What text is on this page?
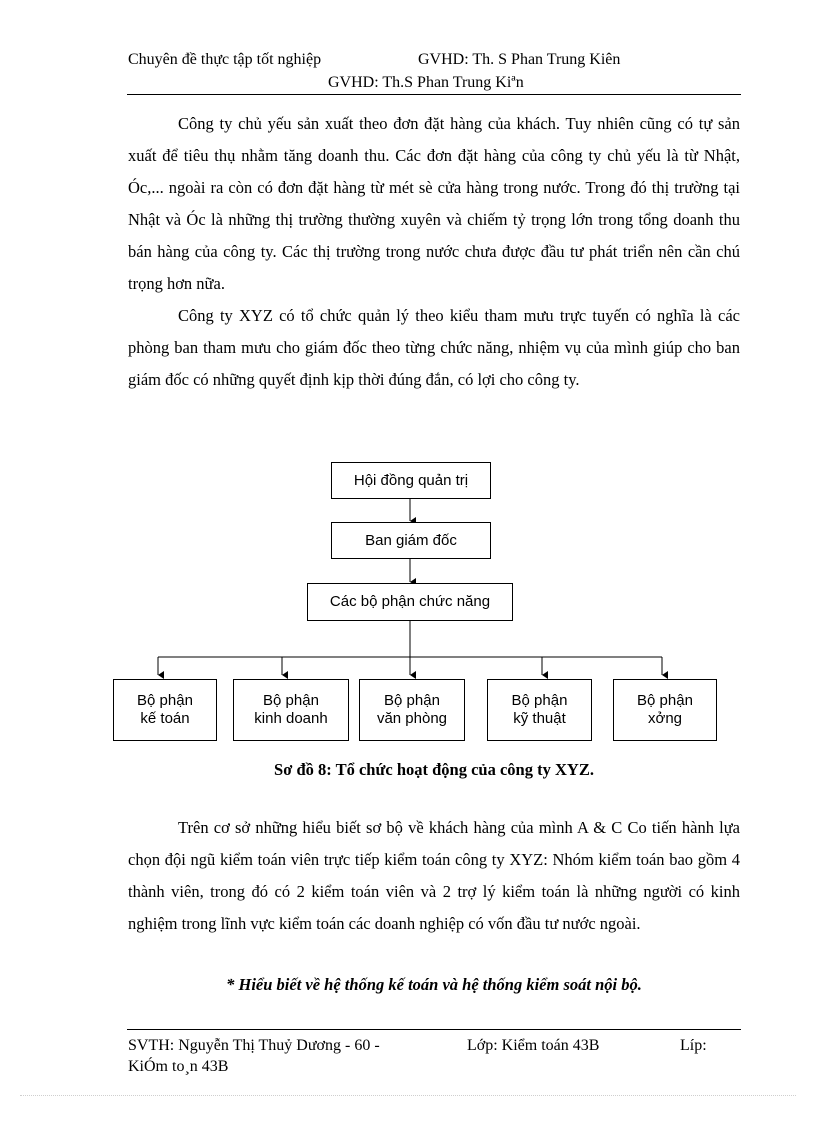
Chuyên đề thực tập tốt nghiệp	GVHD: Th. S Phan Trung Kiên
GVHD: Th.S Phan Trung Kiªn

Công ty chủ yếu sản xuất theo đơn đặt hàng của khách. Tuy nhiên cũng có tự sản xuất để tiêu thụ nhằm tăng doanh thu. Các đơn đặt hàng của công ty chủ yếu là từ Nhật, Óc,... ngoài ra còn có đơn đặt hàng từ mét sè cửa hàng trong nước. Trong đó thị trường tại Nhật và Óc là những thị trường thường xuyên và chiếm tỷ trọng lớn trong tổng doanh thu bán hàng của công ty. Các thị trường trong nước chưa được đầu tư phát triển nên cần chú trọng hơn nữa.

Công ty XYZ có tổ chức quản lý theo kiểu tham mưu trực tuyến có nghĩa là các phòng ban tham mưu cho giám đốc theo từng chức năng, nhiệm vụ của mình giúp cho ban giám đốc có những quyết định kịp thời đúng đắn, có lợi cho công ty.

Hội đồng quản trị
Ban giám đốc
Các bộ phận chức năng
Bộ phận
kế toán
Bộ phận
kinh doanh
Bộ phận
văn phòng
Bộ phận
kỹ thuật
Bộ phận
xởng
Sơ đồ 8: Tổ chức hoạt động của công ty XYZ.

Trên cơ sở những hiểu biết sơ bộ về khách hàng của mình A & C Co tiến hành lựa chọn đội ngũ kiểm toán viên trực tiếp kiểm toán công ty XYZ: Nhóm kiểm toán bao gồm 4 thành viên, trong đó có 2 kiểm toán viên và 2 trợ lý kiểm toán là những người có kinh nghiệm trong lĩnh vực kiểm toán các doanh nghiệp có vốn đầu tư nước ngoài.

* Hiểu biết về hệ thống kế toán và hệ thống kiểm soát nội bộ.
SVTH: Nguyễn Thị Thuỷ Dương - 60 -	Lớp: Kiểm toán 43B	Líp:
KiÓm to¸n 43B
